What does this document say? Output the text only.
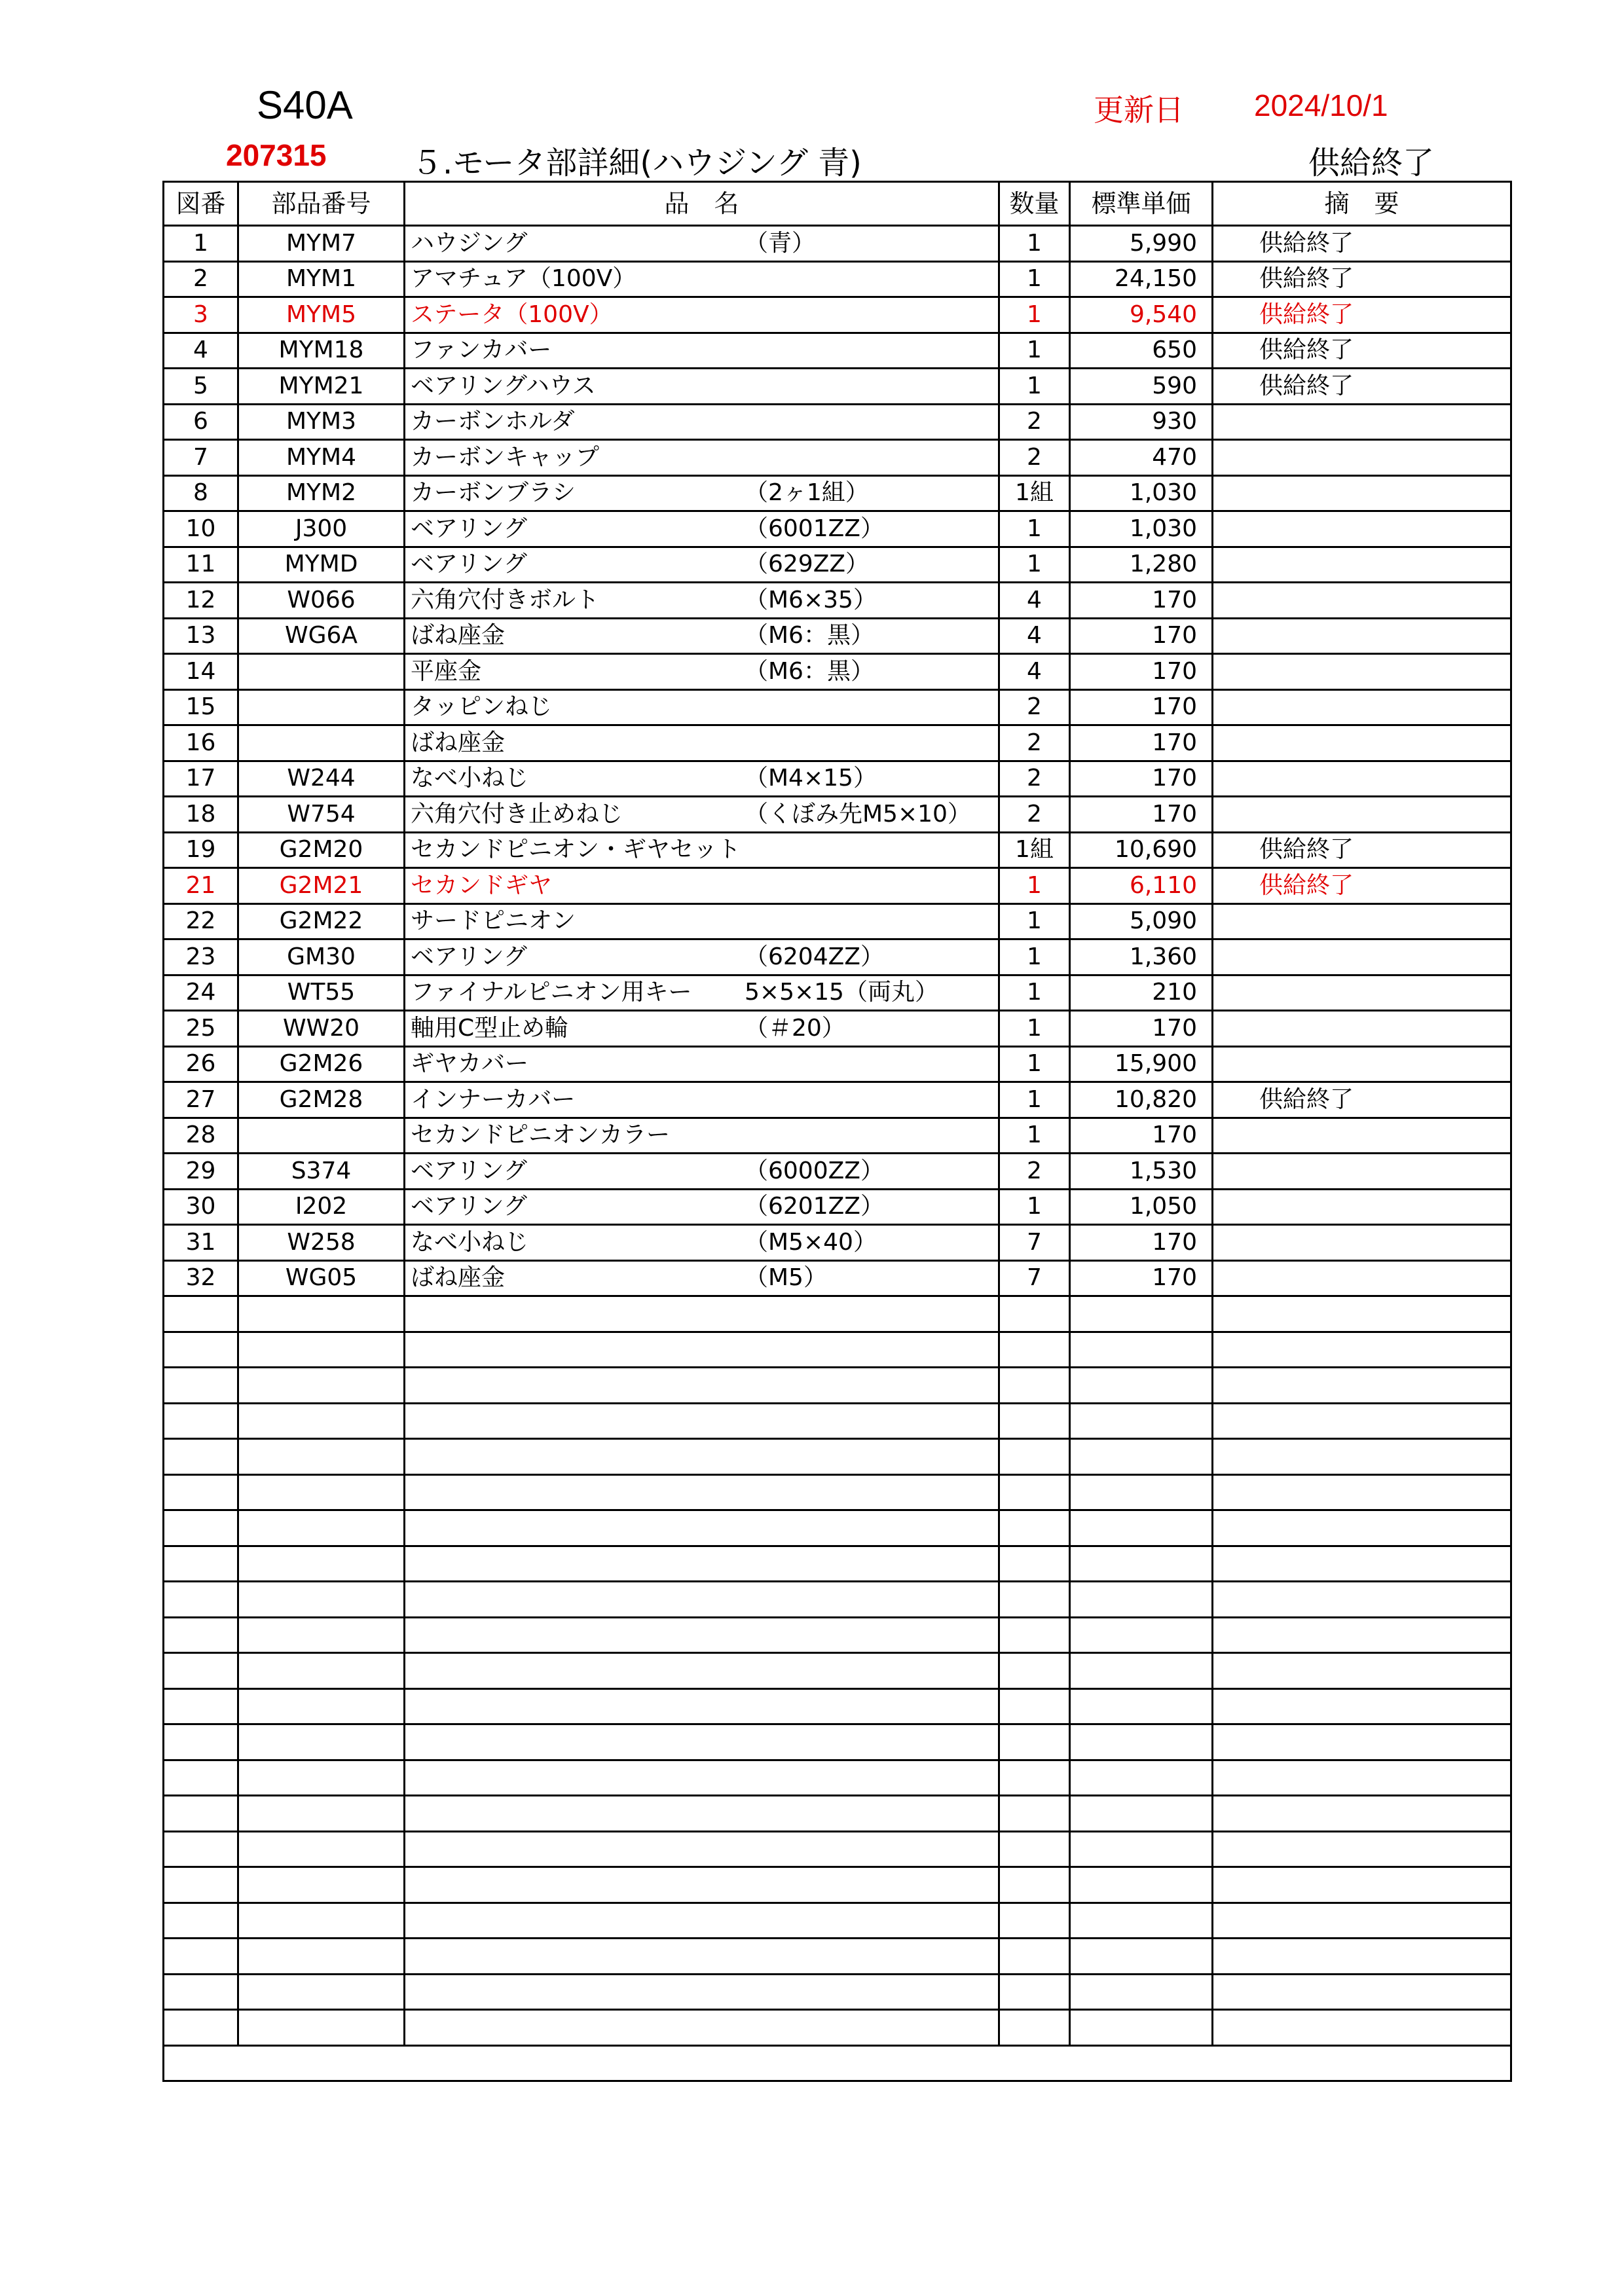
S40A	更新日 2024/10/1
207315	５.モータ部詳細(ハウジング 青)	供給終了
図番	部品番号	品　名	数量	標準単価	摘　要
1	MYM7	ハウジング （青）	1	5,990	供給終了
2	MYM1	アマチュア（100V）	1	24,150	供給終了
3	MYM5	ステータ（100V）	1	9,540	供給終了
4	MYM18	ファンカバー	1	650	供給終了
5	MYM21	ベアリングハウス	1	590	供給終了
6	MYM3	カーボンホルダ	2	930	
7	MYM4	カーボンキャップ	2	470	
8	MYM2	カーボンブラシ （2ヶ1組）	1組	1,030	
10	J300	ベアリング （6001ZZ）	1	1,030	
11	MYMD	ベアリング （629ZZ）	1	1,280	
12	W066	六角穴付きボルト （M6×35）	4	170	
13	WG6A	ばね座金 （M6：黒）	4	170	
14		平座金 （M6：黒）	4	170	
15		タッピンねじ	2	170	
16		ばね座金	2	170	
17	W244	なべ小ねじ （M4×15）	2	170	
18	W754	六角穴付き止めねじ （くぼみ先M5×10）	2	170	
19	G2M20	セカンドピニオン・ギヤセット	1組	10,690	供給終了
21	G2M21	セカンドギヤ	1	6,110	供給終了
22	G2M22	サードピニオン	1	5,090	
23	GM30	ベアリング （6204ZZ）	1	1,360	
24	WT55	ファイナルピニオン用キー 5×5×15（両丸）	1	210	
25	WW20	軸用C型止め輪 （＃20）	1	170	
26	G2M26	ギヤカバー	1	15,900	
27	G2M28	インナーカバー	1	10,820	供給終了
28		セカンドピニオンカラー	1	170	
29	S374	ベアリング （6000ZZ）	2	1,530	
30	I202	ベアリング （6201ZZ）	1	1,050	
31	W258	なべ小ねじ （M5×40）	7	170	
32	WG05	ばね座金 （M5）	7	170	
